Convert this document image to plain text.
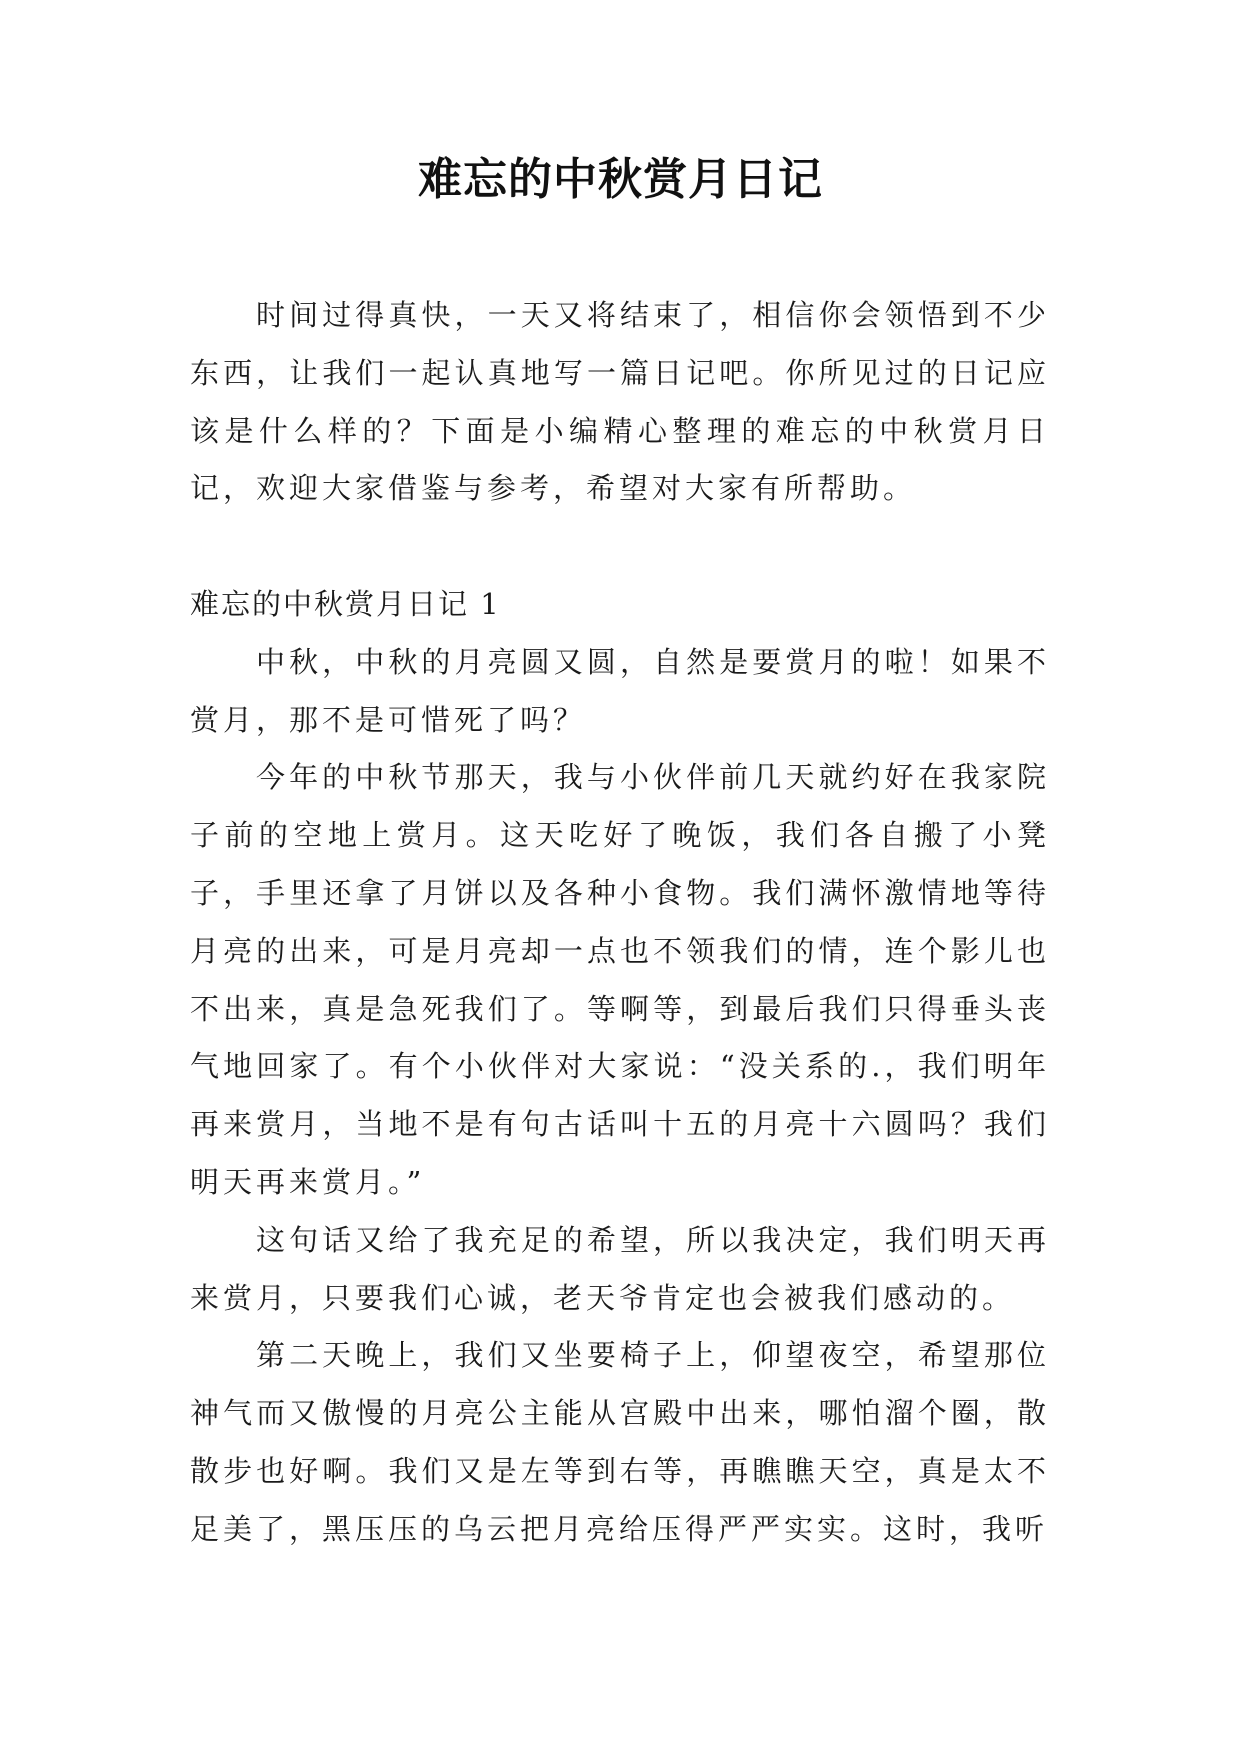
难忘的中秋赏月日记

时间过得真快，一天又将结束了，相信你会领悟到不少东西，让我们一起认真地写一篇日记吧。你所见过的日记应该是什么样的？下面是小编精心整理的难忘的中秋赏月日记，欢迎大家借鉴与参考，希望对大家有所帮助。

难忘的中秋赏月日记 1

中秋，中秋的月亮圆又圆，自然是要赏月的啦！如果不赏月，那不是可惜死了吗？

今年的中秋节那天，我与小伙伴前几天就约好在我家院子前的空地上赏月。这天吃好了晚饭，我们各自搬了小凳子，手里还拿了月饼以及各种小食物。我们满怀激情地等待月亮的出来，可是月亮却一点也不领我们的情，连个影儿也不出来，真是急死我们了。等啊等，到最后我们只得垂头丧气地回家了。有个小伙伴对大家说：“没关系的.，我们明年再来赏月，当地不是有句古话叫十五的月亮十六圆吗？我们明天再来赏月。”

这句话又给了我充足的希望，所以我决定，我们明天再来赏月，只要我们心诚，老天爷肯定也会被我们感动的。

第二天晚上，我们又坐要椅子上，仰望夜空，希望那位神气而又傲慢的月亮公主能从宫殿中出来，哪怕溜个圈，散散步也好啊。我们又是左等到右等，再瞧瞧天空，真是太不足美了，黑压压的乌云把月亮给压得严严实实。这时，我听
